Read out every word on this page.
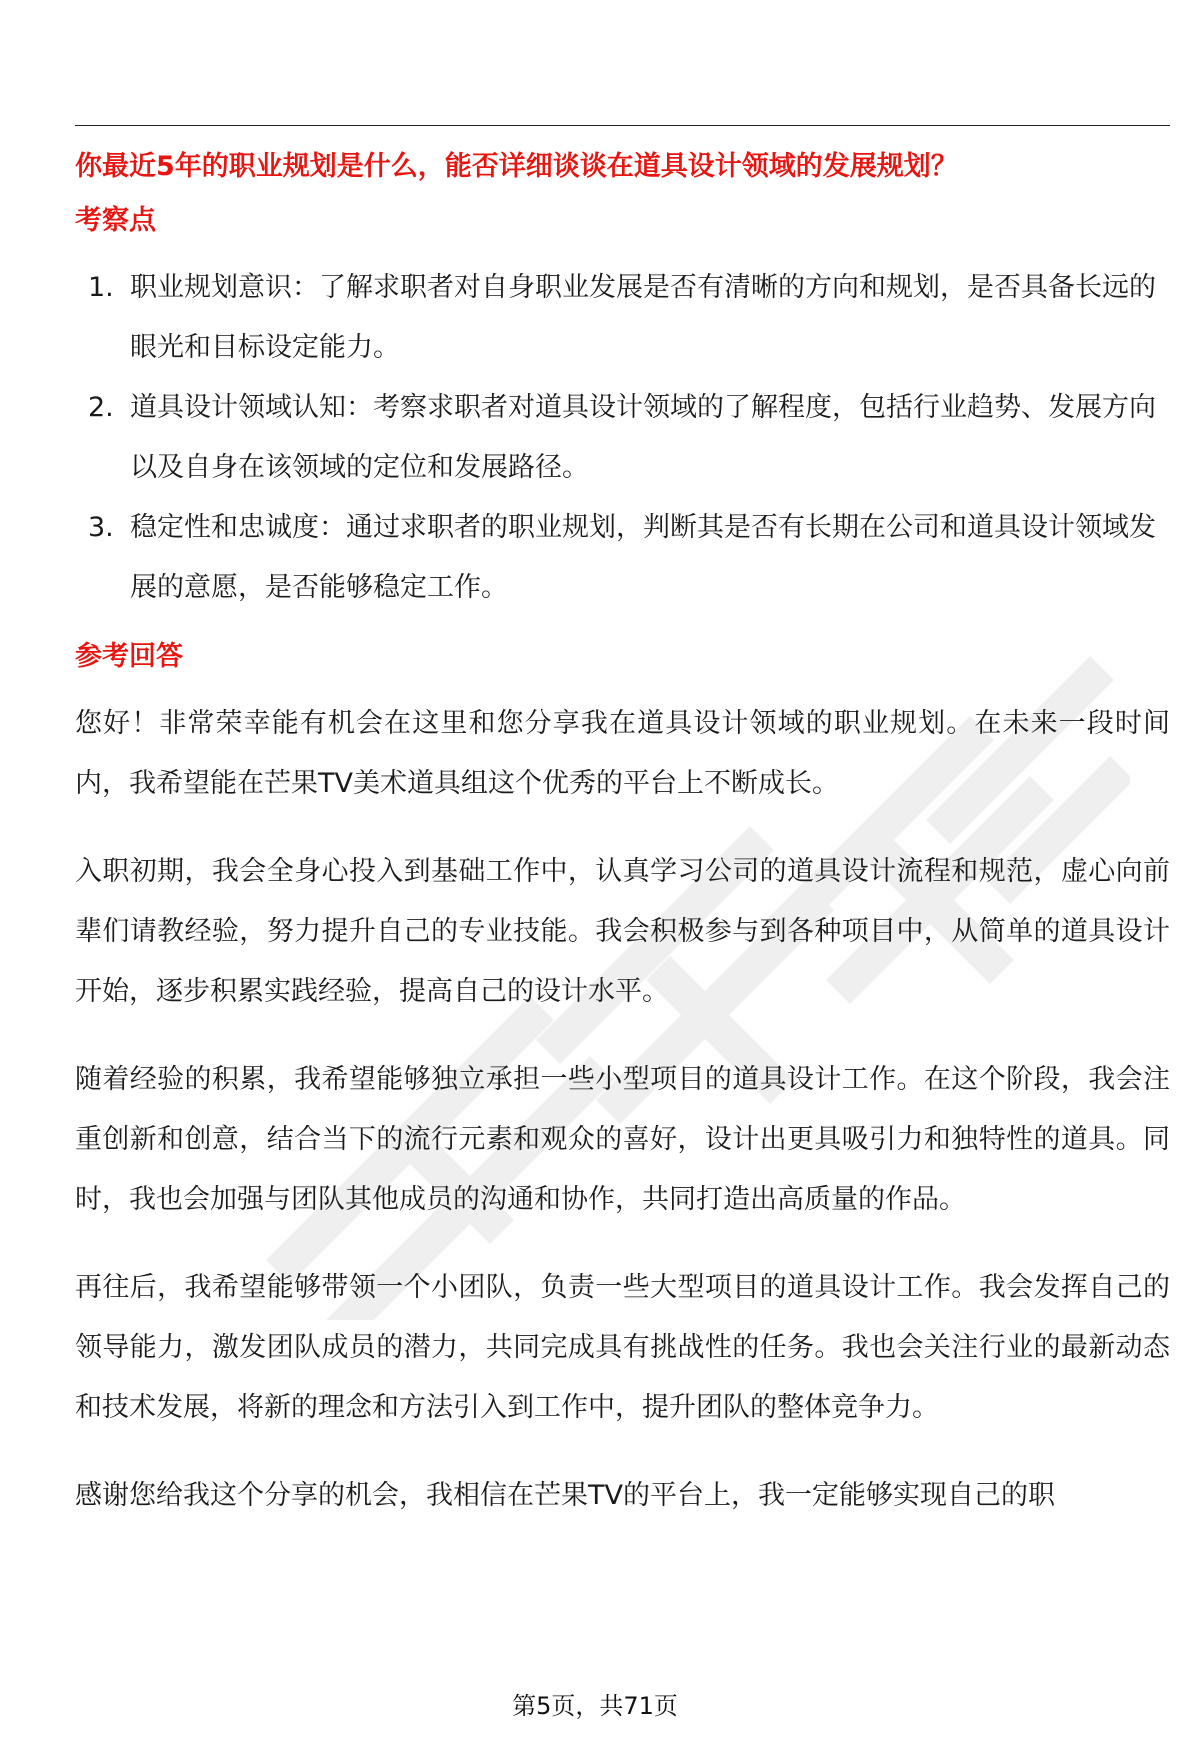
你最近5年的职业规划是什么，能否详细谈谈在道具设计领域的发展规划？

考察点

1. 职业规划意识：了解求职者对自身职业发展是否有清晰的方向和规划，是否具备长远的眼光和目标设定能力。
2. 道具设计领域认知：考察求职者对道具设计领域的了解程度，包括行业趋势、发展方向以及自身在该领域的定位和发展路径。
3. 稳定性和忠诚度：通过求职者的职业规划，判断其是否有长期在公司和道具设计领域发展的意愿，是否能够稳定工作。

参考回答

您好！非常荣幸能有机会在这里和您分享我在道具设计领域的职业规划。在未来一段时间内，我希望能在芒果TV美术道具组这个优秀的平台上不断成长。

入职初期，我会全身心投入到基础工作中，认真学习公司的道具设计流程和规范，虚心向前辈们请教经验，努力提升自己的专业技能。我会积极参与到各种项目中，从简单的道具设计开始，逐步积累实践经验，提高自己的设计水平。

随着经验的积累，我希望能够独立承担一些小型项目的道具设计工作。在这个阶段，我会注重创新和创意，结合当下的流行元素和观众的喜好，设计出更具吸引力和独特性的道具。同时，我也会加强与团队其他成员的沟通和协作，共同打造出高质量的作品。

再往后，我希望能够带领一个小团队，负责一些大型项目的道具设计工作。我会发挥自己的领导能力，激发团队成员的潜力，共同完成具有挑战性的任务。我也会关注行业的最新动态和技术发展，将新的理念和方法引入到工作中，提升团队的整体竞争力。

感谢您给我这个分享的机会，我相信在芒果TV的平台上，我一定能够实现自己的职

第5页，共71页
